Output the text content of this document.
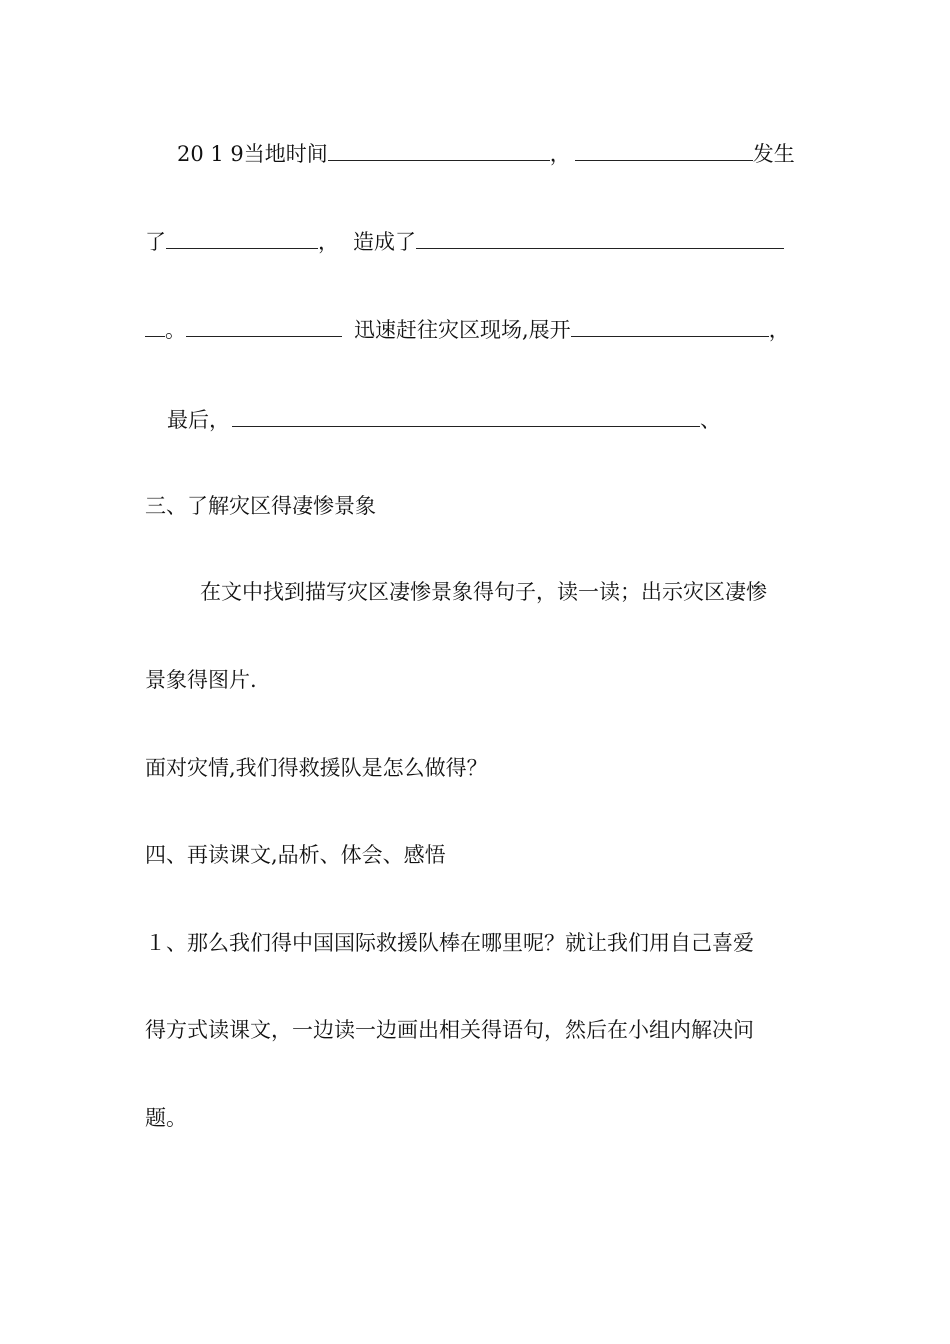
20 1 9当地时间	，	发生
了	， 造成了
。	迅速赶往灾区现场,展开	，
最后，	、
三、了解灾区得凄惨景象
在文中找到描写灾区凄惨景象得句子，读一读；出示灾区凄惨
景象得图片.
面对灾情,我们得救援队是怎么做得？
四、再读课文,品析、体会、感悟
１、那么我们得中国国际救援队棒在哪里呢？就让我们用自己喜爱
得方式读课文，一边读一边画出相关得语句，然后在小组内解决问
题。
